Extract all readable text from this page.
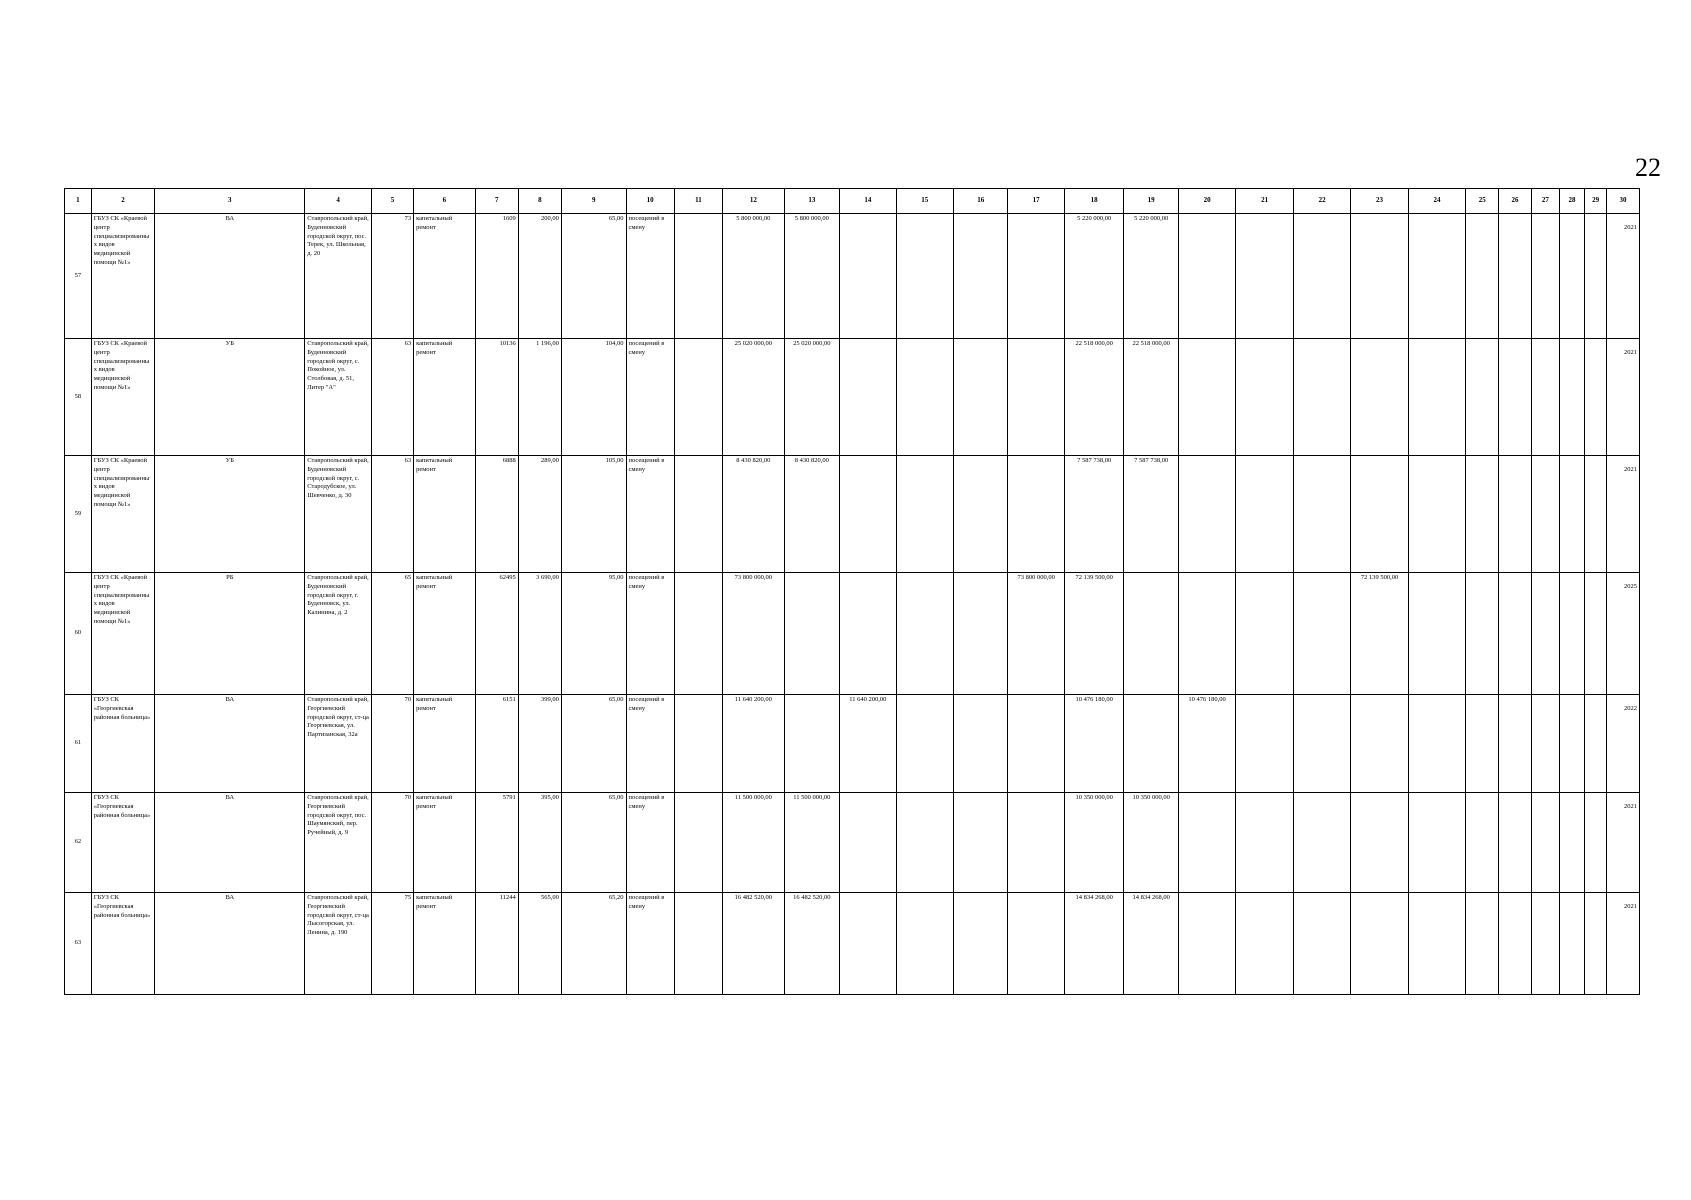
22
1	2	3	4	5	6	7	8	9	10	11	12	13	14	15	16	17	18	19	20	21	22	23	24	25	26	27	28	29	30
57	ГБУЗ СК «Краевой центр специализированных видов медицинской помощи №1»	ВА	Ставропольский край, Буденновский городской округ, пос. Терек, ул. Школьная, д. 20	73	капитальный ремонт	1609	200,00	65,00	посещений в смену		5 800 000,00	5 800 000,00					5 220 000,00	5 220 000,00											2021
58	ГБУЗ СК «Краевой центр специализированных видов медицинской помощи №1»	УБ	Ставропольский край, Буденновский городской округ, с. Покойное, ул. Столбовая, д. 51, Литер "А"	63	капитальный ремонт	10136	1 196,00	104,00	посещений в смену		25 020 000,00	25 020 000,00					22 518 000,00	22 518 000,00											2021
59	ГБУЗ СК «Краевой центр специализированных видов медицинской помощи №1»	УБ	Ставропольский край, Буденновский городской округ, с. Стародубское, ул. Шевченко, д. 30	63	капитальный ремонт	6888	289,00	105,00	посещений в смену		8 430 820,00	8 430 820,00					7 587 738,00	7 587 738,00											2021
60	ГБУЗ СК «Краевой центр специализированных видов медицинской помощи №1»	РБ	Ставропольский край, Буденновский городской округ, г. Буденновск, ул. Калинина, д. 2	65	капитальный ремонт	62495	3 690,00	95,00	посещений в смену		73 800 000,00					73 800 000,00	72 139 500,00					72 139 500,00							2025
61	ГБУЗ СК «Георгиевская районная больница»	ВА	Ставропольский край, Георгиевский городской округ, ст-ца Георгиевская, ул. Партизанская, 32а	70	капитальный ремонт	6151	399,00	65,00	посещений в смену		11 640 200,00		11 640 200,00				10 476 180,00		10 476 180,00										2022
62	ГБУЗ СК «Георгиевская районная больница»	ВА	Ставропольский край, Георгиевский городской округ, пос. Шаумянский, пер. Ручейный, д. 9	70	капитальный ремонт	5791	395,00	65,00	посещений в смену		11 500 000,00	11 500 000,00					10 350 000,00	10 350 000,00											2021
63	ГБУЗ СК «Георгиевская районная больница»	ВА	Ставропольский край, Георгиевский городской округ, ст-ца Лысогорская, ул. Ленина, д. 190	75	капитальный ремонт	11244	565,00	65,20	посещений в смену		16 482 520,00	16 482 520,00					14 834 268,00	14 834 268,00											2021
